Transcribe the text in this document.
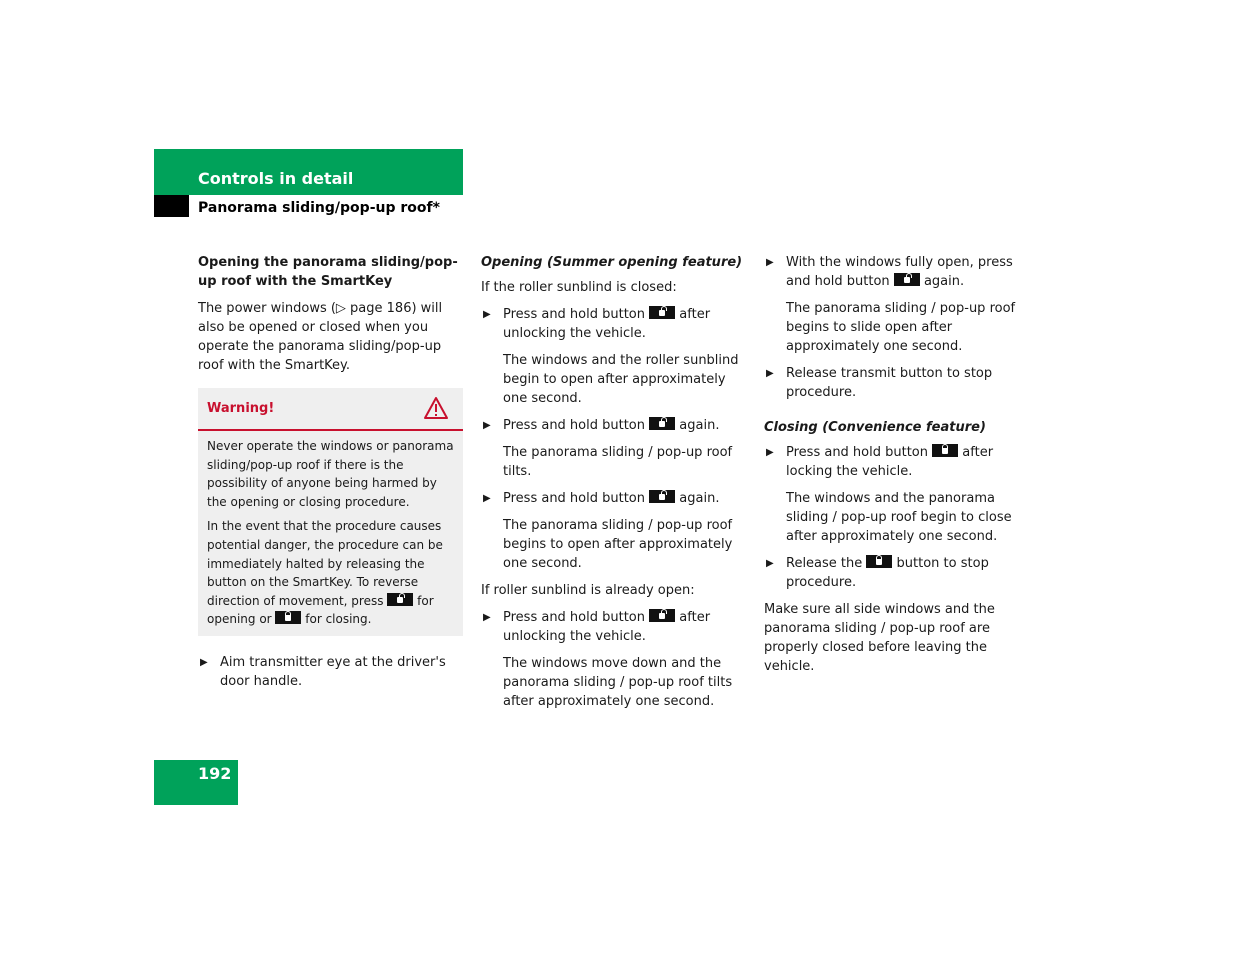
Controls in detail
Panorama sliding/pop-up roof*

Opening the panorama sliding/pop-up roof with the SmartKey

The power windows (▷ page 186) will also be opened or closed when you operate the panorama sliding/pop-up roof with the SmartKey.

Warning!

Never operate the windows or panorama sliding/pop-up roof if there is the possibility of anyone being harmed by the opening or closing procedure.

In the event that the procedure causes potential danger, the procedure can be immediately halted by releasing the button on the SmartKey. To reverse direction of movement, press	for opening or	for closing.

▶ Aim transmitter eye at the driver's door handle.

Opening (Summer opening feature)

If the roller sunblind is closed:

▶ Press and hold button	after unlocking the vehicle.

The windows and the roller sunblind begin to open after approximately one second.

▶ Press and hold button	again.

The panorama sliding / pop-up roof tilts.

▶ Press and hold button	again.

The panorama sliding / pop-up roof begins to open after approximately one second.

If roller sunblind is already open:

▶ Press and hold button	after unlocking the vehicle.

The windows move down and the panorama sliding / pop-up roof tilts after approximately one second.

▶ With the windows fully open, press and hold button	again.

The panorama sliding / pop-up roof begins to slide open after approximately one second.

▶ Release transmit button to stop procedure.

Closing (Convenience feature)

▶ Press and hold button	after locking the vehicle.

The windows and the panorama sliding / pop-up roof begin to close after approximately one second.

▶ Release the	button to stop procedure.

Make sure all side windows and the panorama sliding / pop-up roof are properly closed before leaving the vehicle.

192
